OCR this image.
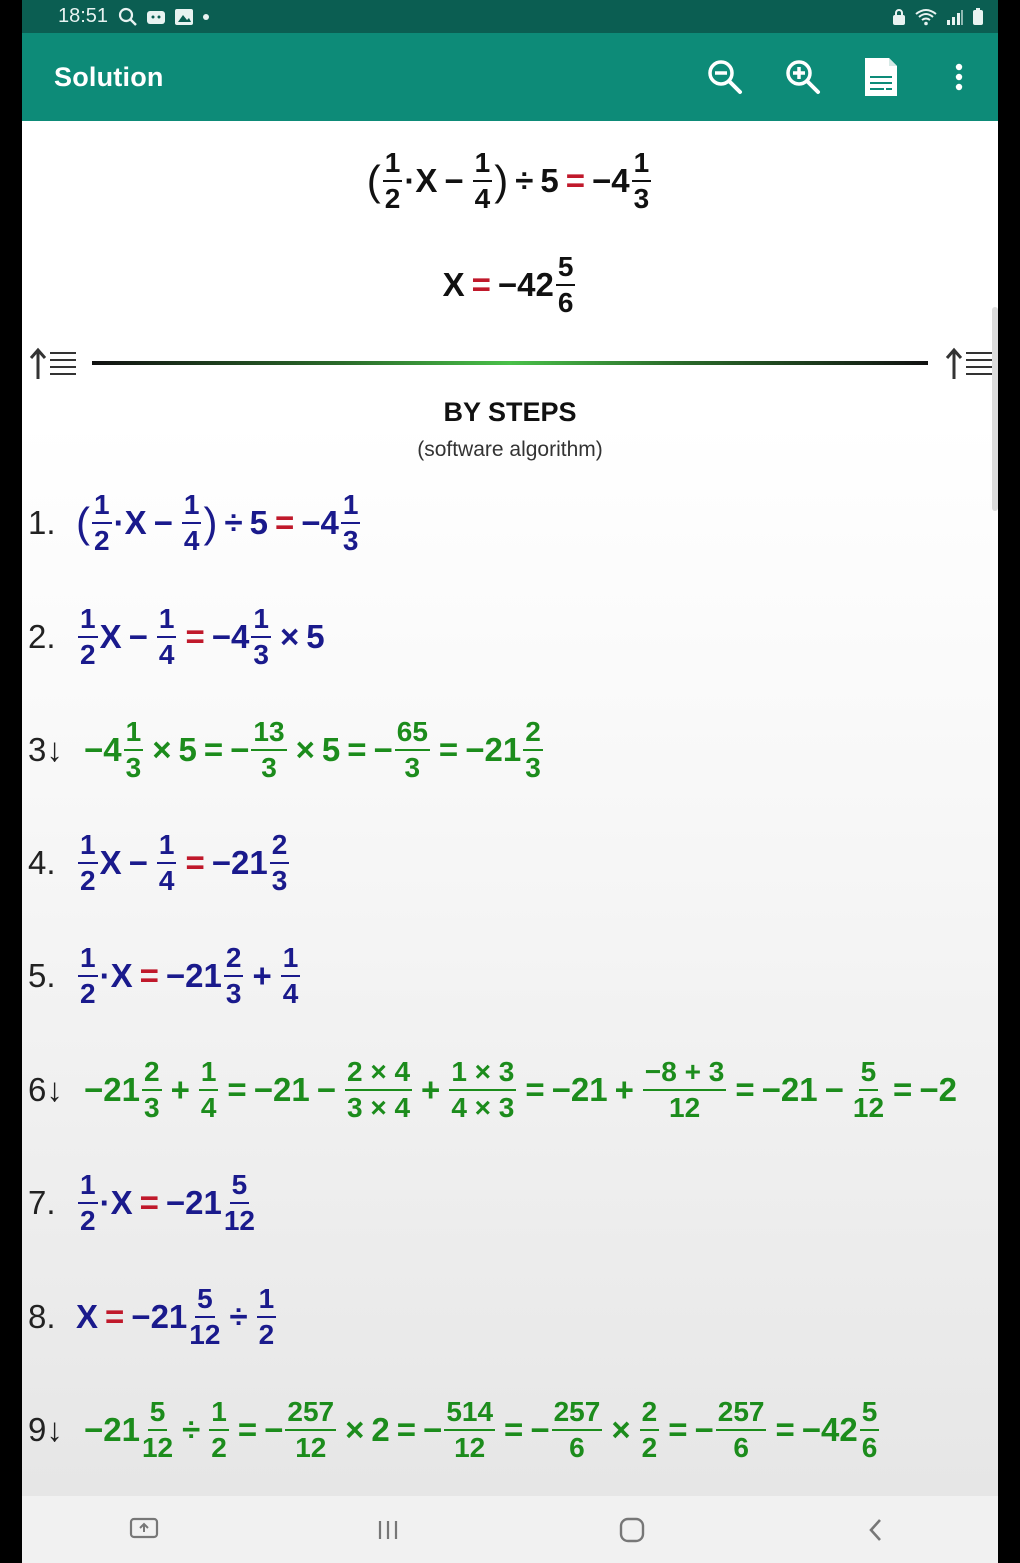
18:51
Solution
( $\frac{1}{2} \cdot X - \frac{1}{4}$ ) ÷ $5 = -4 \frac{1}{3}$
$X = -42 \frac{5}{6}$
BY STEPS
(software algorithm)
1. ( $\frac{1}{2} \cdot X - \frac{1}{4}$ ) ÷ $5 = -4 \frac{1}{3}$
2. $\frac{1}{2}$ $X - \frac{1}{4} = -4 \frac{1}{3} \times 5$
3 ↓ $-4 \frac{1}{3} \times 5$ = − $\frac{13}{3} \times 5$ = − $\frac{65}{3} = -21 \frac{2}{3}$
4. $\frac{1}{2}$ $X - \frac{1}{4} = -21 \frac{2}{3}$
5. $\frac{1}{2} \cdot X = -21 \frac{2}{3} + \frac{1}{4}$
6 ↓ $-21 \frac{2}{3} + \frac{1}{4} = -21 - \frac{2 \times 4}{3 \times 4} + \frac{1 \times 3}{4 \times 3} = -21 + \frac{-8 + 3}{12} = -21 - \frac{5}{12} = -2$
7. $\frac{1}{2} \cdot X = -21 \frac{5}{12}$
8. $X = -21 \frac{5}{12} \div \frac{1}{2}$
9 ↓ $-21 \frac{5}{12} \div \frac{1}{2}$ = − $\frac{257}{12} \times 2$ = − $\frac{514}{12}$ = − $\frac{257}{6} \times \frac{2}{2}$ = − $\frac{257}{6} = -42 \frac{5}{6}$
